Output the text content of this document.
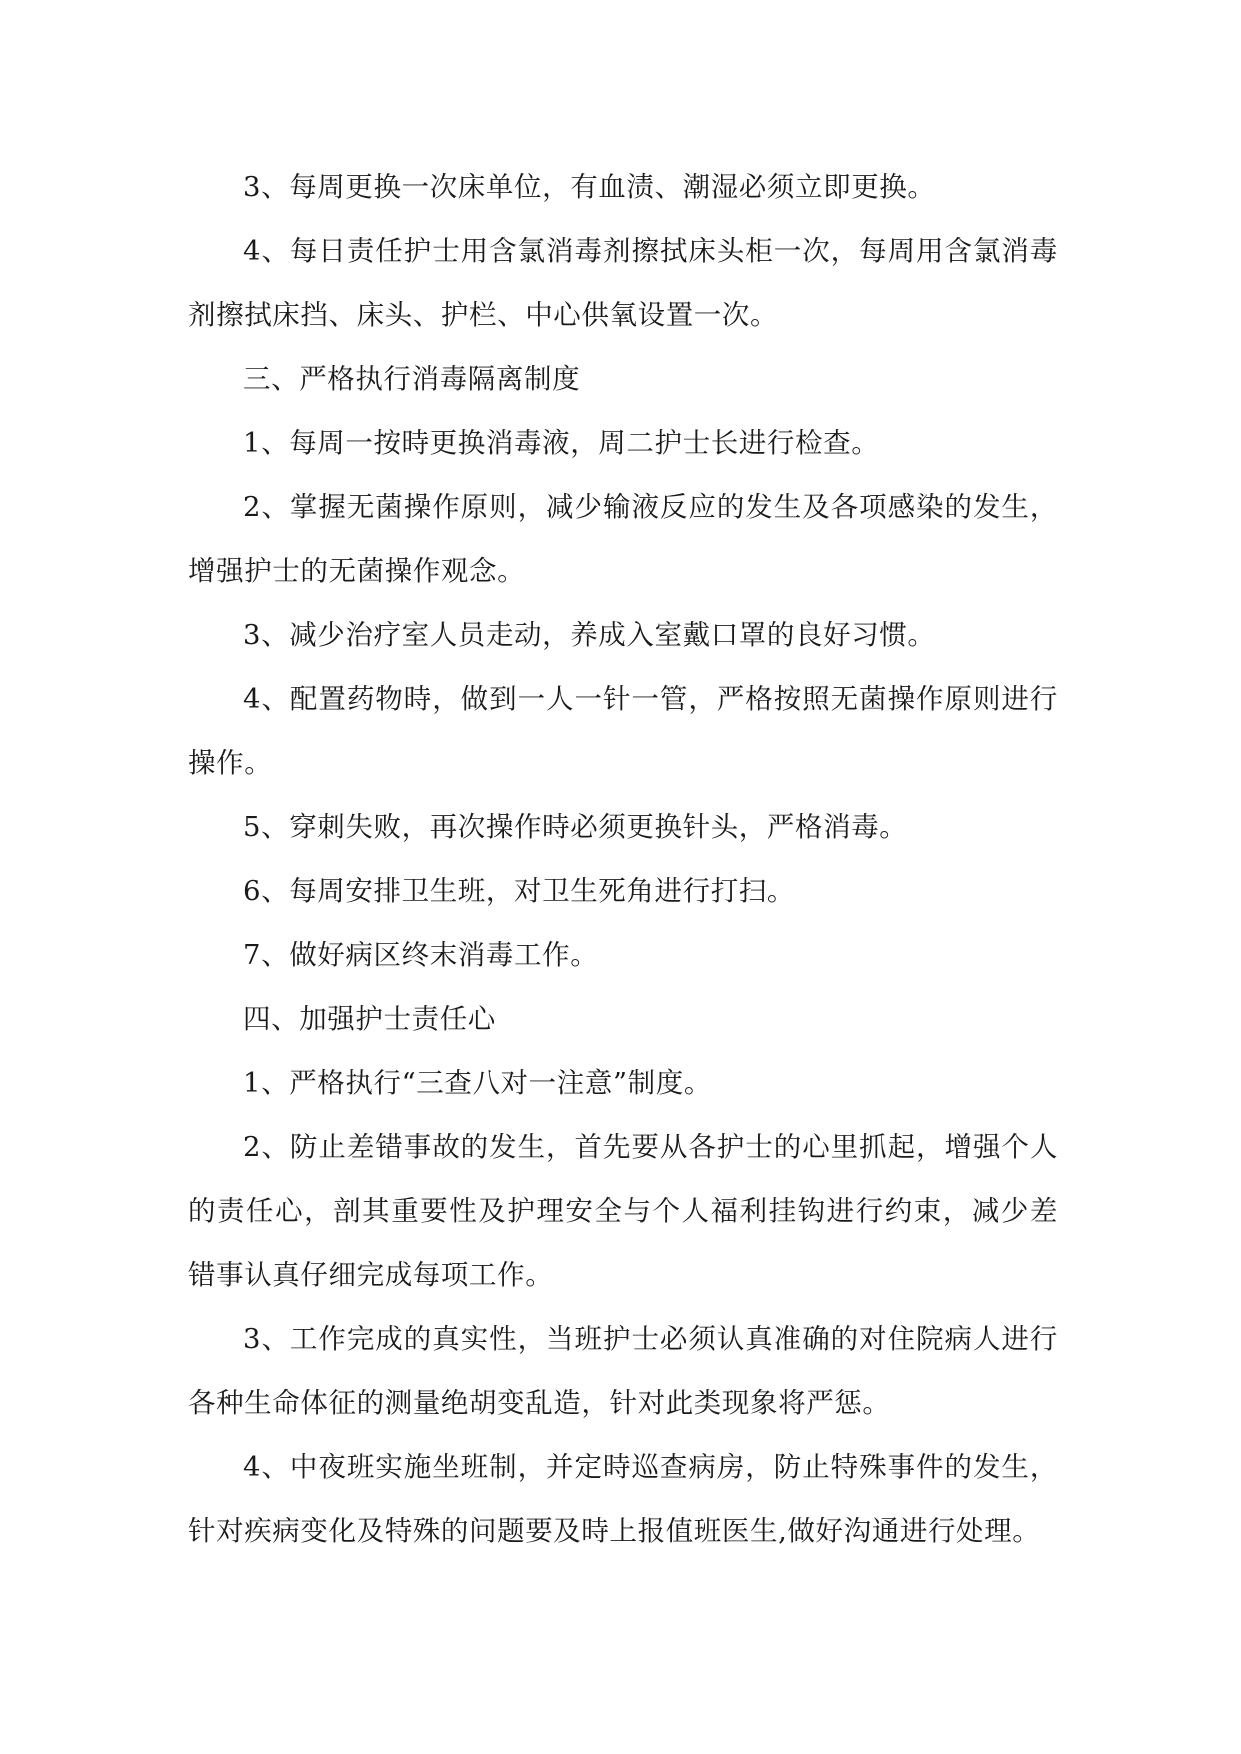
3、每周更换一次床单位，有血渍、潮湿必须立即更换。

4、每日责任护士用含氯消毒剂擦拭床头柜一次，每周用含氯消毒剂擦拭床挡、床头、护栏、中心供氧设置一次。

三、严格执行消毒隔离制度

1、每周一按時更换消毒液，周二护士长进行检查。

2、掌握无菌操作原则，减少输液反应的发生及各项感染的发生，增强护士的无菌操作观念。

3、减少治疗室人员走动，养成入室戴口罩的良好习惯。

4、配置药物時，做到一人一针一管，严格按照无菌操作原则进行操作。

5、穿刺失败，再次操作時必须更换针头，严格消毒。

6、每周安排卫生班，对卫生死角进行打扫。

7、做好病区终末消毒工作。

四、加强护士责任心

1、严格执行“三查八对一注意”制度。

2、防止差错事故的发生，首先要从各护士的心里抓起，增强个人的责任心，剖其重要性及护理安全与个人福利挂钩进行约束，减少差错事认真仔细完成每项工作。

3、工作完成的真实性，当班护士必须认真准确的对住院病人进行各种生命体征的测量绝胡变乱造，针对此类现象将严惩。

4、中夜班实施坐班制，并定時巡查病房，防止特殊事件的发生，针对疾病变化及特殊的问题要及時上报值班医生,做好沟通进行处理。
